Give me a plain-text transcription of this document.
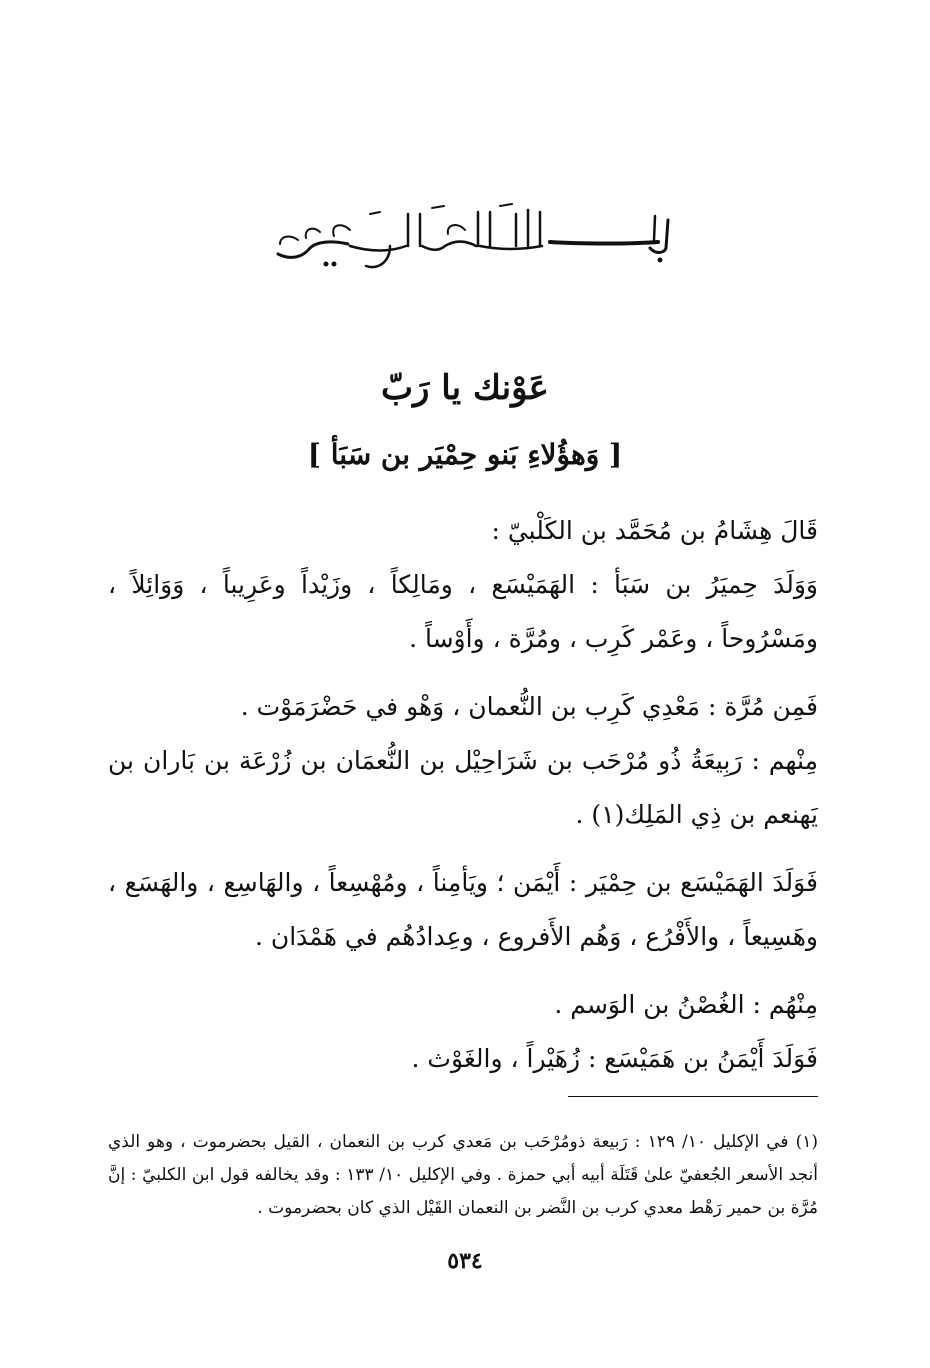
عَوْنك يا رَبّ
[ وَهؤُلاءِ بَنو حِمْيَر بن سَبَأ ]

قَالَ هِشَامُ بن مُحَمَّد بن الكَلْبيّ :

وَوَلَدَ حِميَرُ بن سَبَأ : الهَمَيْسَع ، ومَالِكاً ، وزَيْداً وعَرِيباً ، وَوَائِلاً ، ومَسْرُوحاً ، وعَمْر كَرِب ، ومُرَّة ، وأَوْساً .

فَمِن مُرَّة : مَعْدِي كَرِب بن النُّعمان ، وَهْو في حَضْرَمَوْت .

مِنْهم : رَبِيعَةُ ذُو مُرْحَب بن شَرَاحِيْل بن النُّعمَان بن زُرْعَة بن بَاران بن يَهنعم بن ذِي المَلِك(١) .

فَوَلَدَ الهَمَيْسَع بن حِمْيَر : أَيْمَن ؛ ويَأمِناً ، ومُهْسِعاً ، والهَاسِع ، والهَسَع ، وهَسِيعاً ، والأَفْرُع ، وَهُم الأَفروع ، وعِدادُهُم في هَمْدَان .

مِنْهُم : الغُصْنُ بن الوَسم .

فَوَلَدَ أَيْمَنُ بن هَمَيْسَع : زُهَيْراً ، والغَوْث .

(١) في الإكليل ١٠/ ١٢٩ : رَبيعة ذومُرْحَب بن مَعدي كرب بن النعمان ، القيل بحضرموت ، وهو الذي أنجد الأسعر الجُعفيّ علىٰ قَتَلَة أبيه أبي حمزة . وفي الإكليل ١٠/ ١٣٣ : وقد يخالفه قول ابن الكلبيّ : إنَّ مُرَّة بن حمير رَهْط معدي كرب بن النَّضر بن النعمان القَيْل الذي كان بحضرموت .

٥٣٤
